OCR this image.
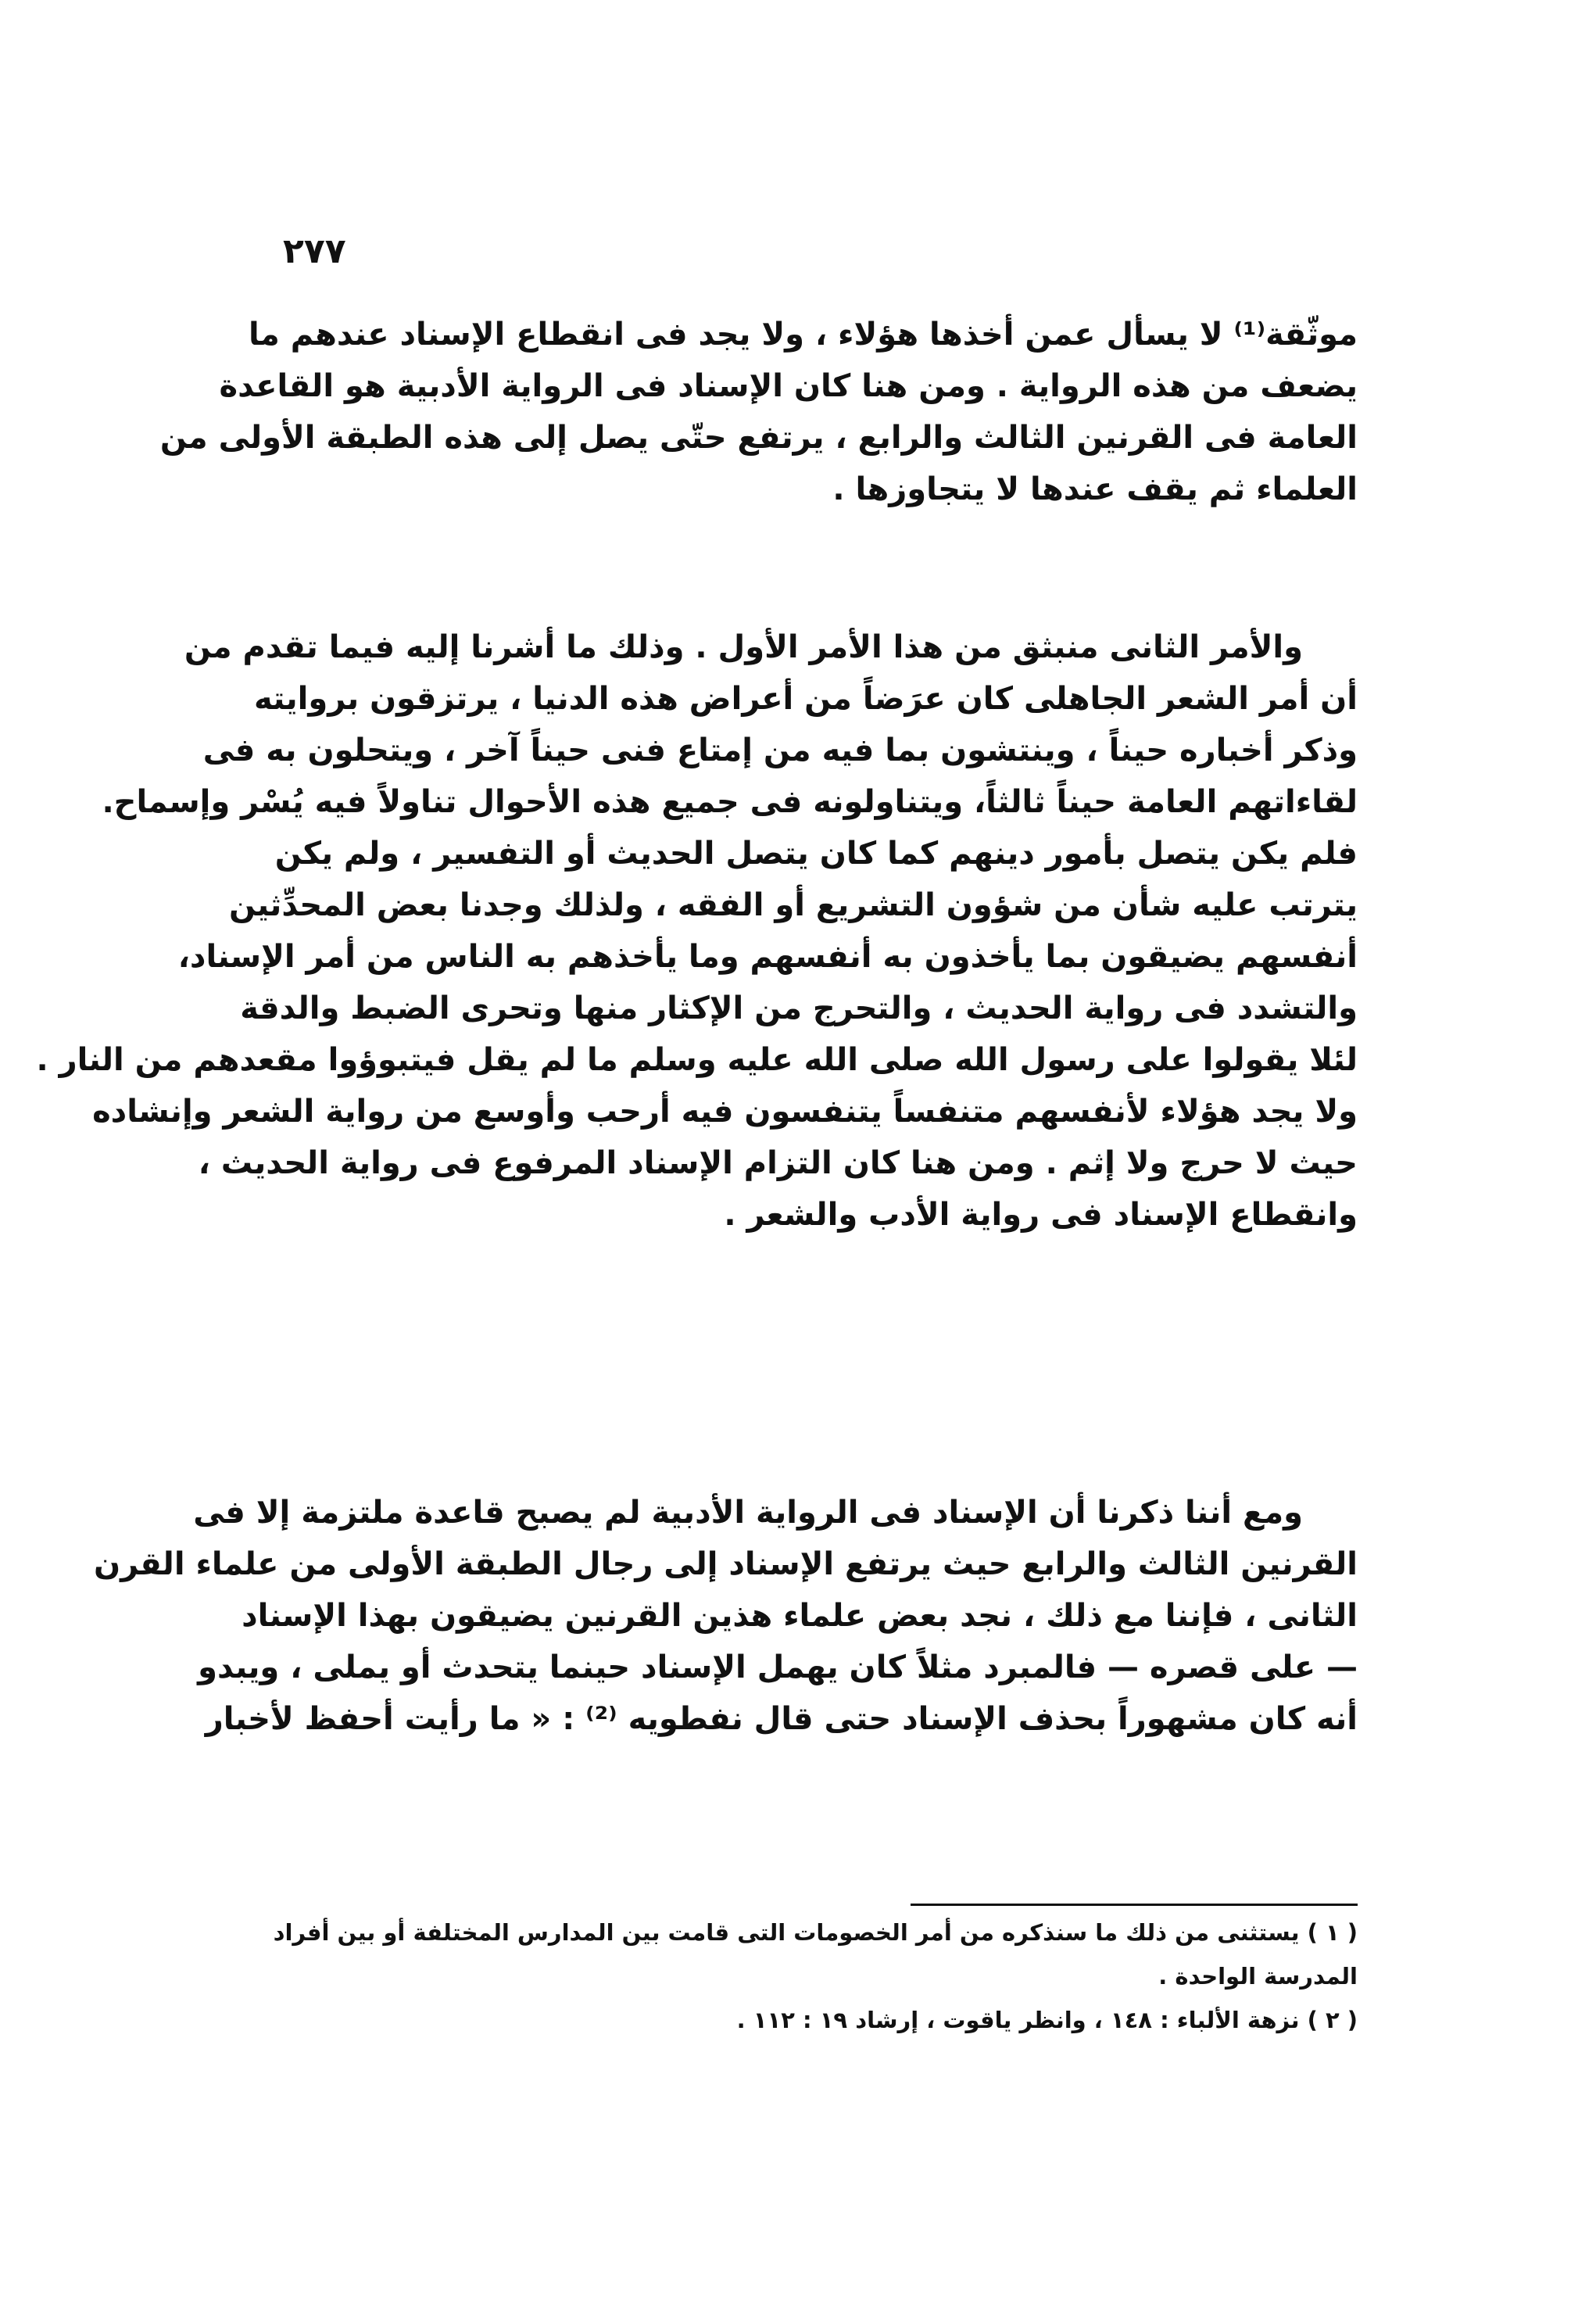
٢٧٧
موثّقة⁽¹⁾ لا يسأل عمن أخذها هؤلاء ، ولا يجد فى انقطاع الإسناد عندهم ما
يضعف من هذه الرواية . ومن هنا كان الإسناد فى الرواية الأدبية هو القاعدة
العامة فى القرنين الثالث والرابع ، يرتفع حتّى يصل إلى هذه الطبقة الأولى من
العلماء ثم يقف عندها لا يتجاوزها .
والأمر الثانى منبثق من هذا الأمر الأول . وذلك ما أشرنا إليه فيما تقدم من
أن أمر الشعر الجاهلى كان عرَضاً من أعراض هذه الدنيا ، يرتزقون بروايته
وذكر أخباره حيناً ، وينتشون بما فيه من إمتاع فنى حيناً آخر ، ويتحلون به فى
لقاءاتهم العامة حيناً ثالثاً، ويتناولونه فى جميع هذه الأحوال تناولاً فيه يُسْر وإسماح.
فلم يكن يتصل بأمور دينهم كما كان يتصل الحديث أو التفسير ، ولم يكن
يترتب عليه شأن من شؤون التشريع أو الفقه ، ولذلك وجدنا بعض المحدِّثين
أنفسهم يضيقون بما يأخذون به أنفسهم وما يأخذهم به الناس من أمر الإسناد،
والتشدد فى رواية الحديث ، والتحرج من الإكثار منها وتحرى الضبط والدقة
لئلا يقولوا على رسول الله صلى الله عليه وسلم ما لم يقل فيتبوؤوا مقعدهم من النار .
ولا يجد هؤلاء لأنفسهم متنفساً يتنفسون فيه أرحب وأوسع من رواية الشعر وإنشاده
حيث لا حرج ولا إثم . ومن هنا كان التزام الإسناد المرفوع فى رواية الحديث ،
وانقطاع الإسناد فى رواية الأدب والشعر .
ومع أننا ذكرنا أن الإسناد فى الرواية الأدبية لم يصبح قاعدة ملتزمة إلا فى
القرنين الثالث والرابع حيث يرتفع الإسناد إلى رجال الطبقة الأولى من علماء القرن
الثانى ، فإننا مع ذلك ، نجد بعض علماء هذين القرنين يضيقون بهذا الإسناد
— على قصره — فالمبرد مثلاً كان يهمل الإسناد حينما يتحدث أو يملى ، ويبدو
أنه كان مشهوراً بحذف الإسناد حتى قال نفطويه ⁽²⁾ : « ما رأيت أحفظ لأخبار
( ١ ) يستثنى من ذلك ما سنذكره من أمر الخصومات التى قامت بين المدارس المختلفة أو بين أفراد
المدرسة الواحدة .
( ٢ ) نزهة الألباء : ١٤٨ ، وانظر ياقوت ، إرشاد ١٩ : ١١٢ .
